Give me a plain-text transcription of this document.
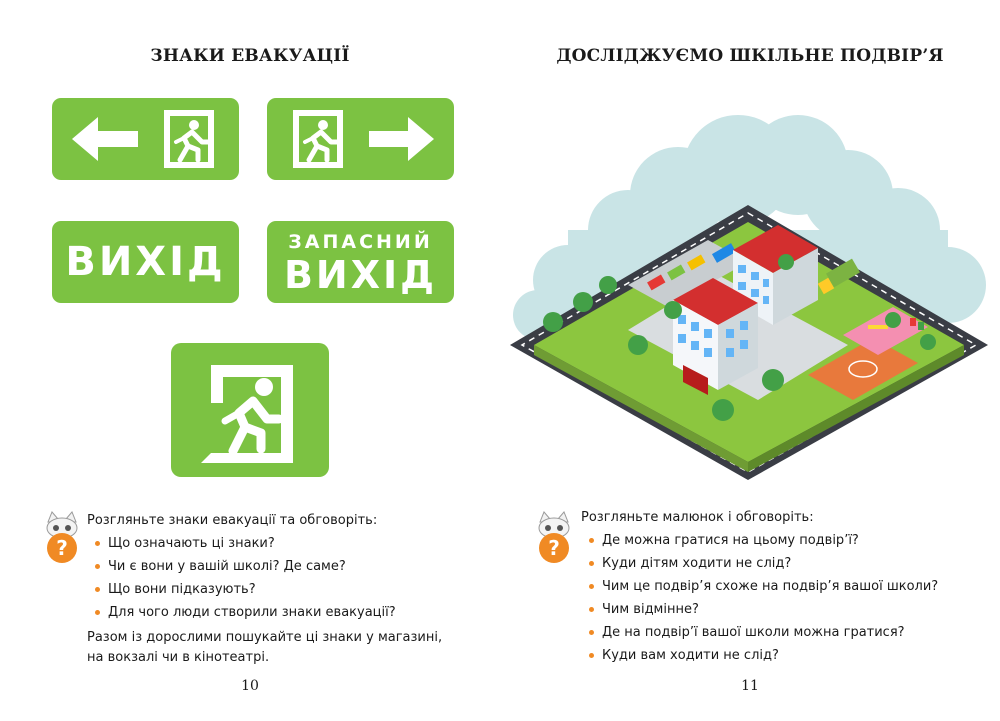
ЗНАКИ ЕВАКУАЦІЇ
ВИХІД	ЗАПАСНИЙ
ВИХІД
?

Розгляньте знаки евакуації та обговоріть:

Що означають ці знаки?
Чи є вони у вашій школі? Де саме?
Що вони підказують?
Для чого люди створили знаки евакуації?

Разом із дорослими пошукайте ці знаки у магазині,
на вокзалі чи в кінотеатрі.

10
ДОСЛІДЖУЄМО ШКІЛЬНЕ ПОДВІР’Я
?

Розгляньте малюнок і обговоріть:

Де можна гратися на цьому подвір’ї?
Куди дітям ходити не слід?
Чим це подвір’я схоже на подвір’я вашої школи?
Чим відмінне?
Де на подвір’ї вашої школи можна гратися?
Куди вам ходити не слід?
11
